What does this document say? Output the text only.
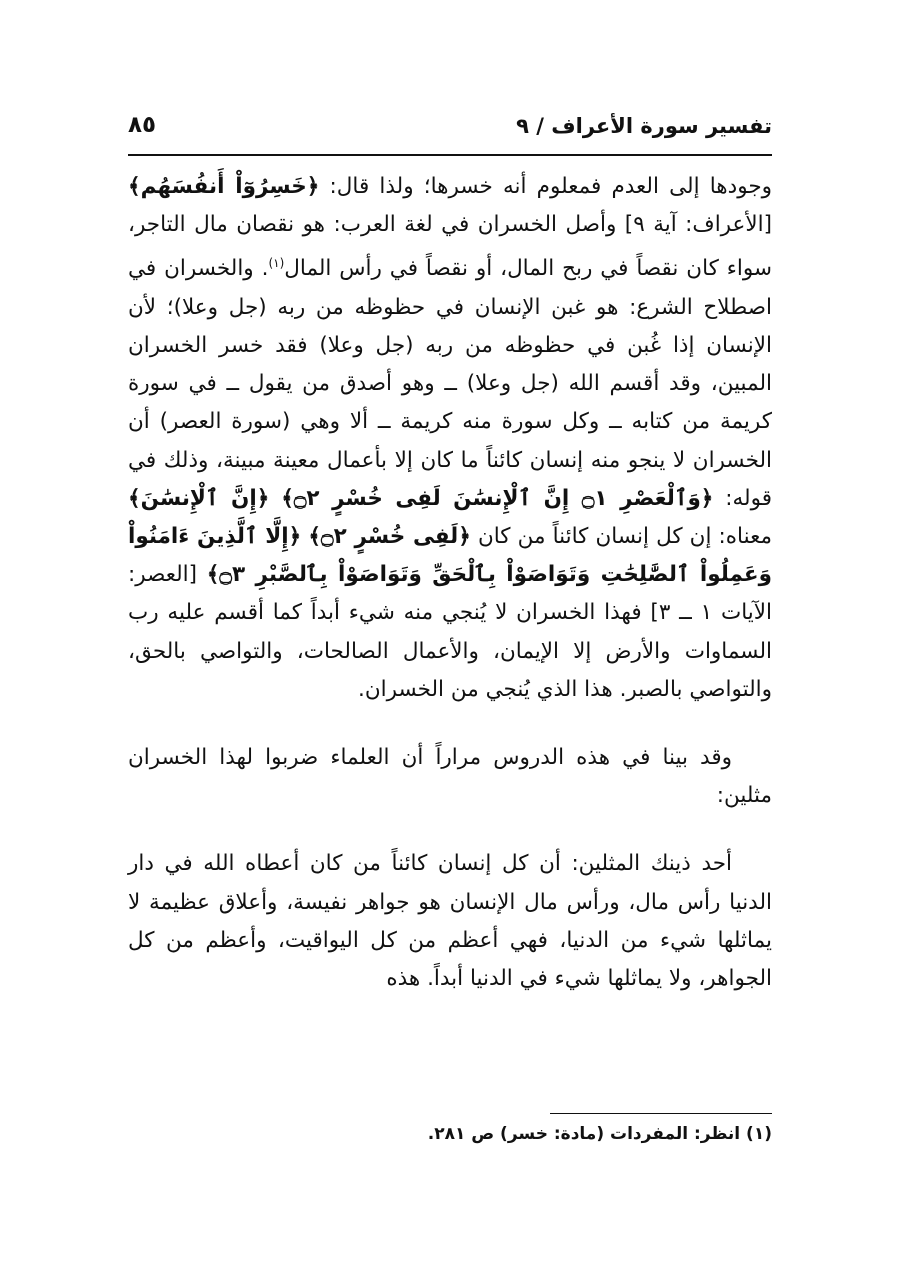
تفسير سورة الأعراف / ٩
٨٥

وجودها إلى العدم فمعلوم أنه خسرها؛ ولذا قال: ﴿خَسِرُوٓاْ أَنفُسَهُم﴾ [الأعراف: آية ٩] وأصل الخسران في لغة العرب: هو نقصان مال التاجر، سواء كان نقصاً في ربح المال، أو نقصاً في رأس المال$^{(١)}$. والخسران في اصطلاح الشرع: هو غبن الإنسان في حظوظه من ربه (جل وعلا)؛ لأن الإنسان إذا غُبن في حظوظه من ربه (جل وعلا) فقد خسر الخسران المبين، وقد أقسم الله (جل وعلا) ــ وهو أصدق من يقول ــ في سورة كريمة من كتابه ــ وكل سورة منه كريمة ــ ألا وهي (سورة العصر) أن الخسران لا ينجو منه إنسان كائناً ما كان إلا بأعمال معينة مبينة، وذلك في قوله: ﴿وَٱلْعَصْرِ ۝١ إِنَّ ٱلْإِنسَٰنَ لَفِى خُسْرٍ ۝٢﴾ ﴿إِنَّ ٱلْإِنسَٰنَ﴾ معناه: إن كل إنسان كائناً من كان ﴿لَفِى خُسْرٍ ۝٢﴾ ﴿إِلَّا ٱلَّذِينَ ءَامَنُواْ وَعَمِلُواْ ٱلصَّٰلِحَٰتِ وَتَوَاصَوْاْ بِٱلْحَقِّ وَتَوَاصَوْاْ بِٱلصَّبْرِ ۝٣﴾ [العصر: الآيات ١ ــ ٣] فهذا الخسران لا يُنجي منه شيء أبداً كما أقسم عليه رب السماوات والأرض إلا الإيمان، والأعمال الصالحات، والتواصي بالحق، والتواصي بالصبر. هذا الذي يُنجي من الخسران.

وقد بينا في هذه الدروس مراراً أن العلماء ضربوا لهذا الخسران مثلين:

أحد ذينك المثلين: أن كل إنسان كائناً من كان أعطاه الله في دار الدنيا رأس مال، ورأس مال الإنسان هو جواهر نفيسة، وأعلاق عظيمة لا يماثلها شيء من الدنيا، فهي أعظم من كل اليواقيت، وأعظم من كل الجواهر، ولا يماثلها شيء في الدنيا أبداً. هذه

(١) انظر: المفردات (مادة: خسر) ص ٢٨١.
